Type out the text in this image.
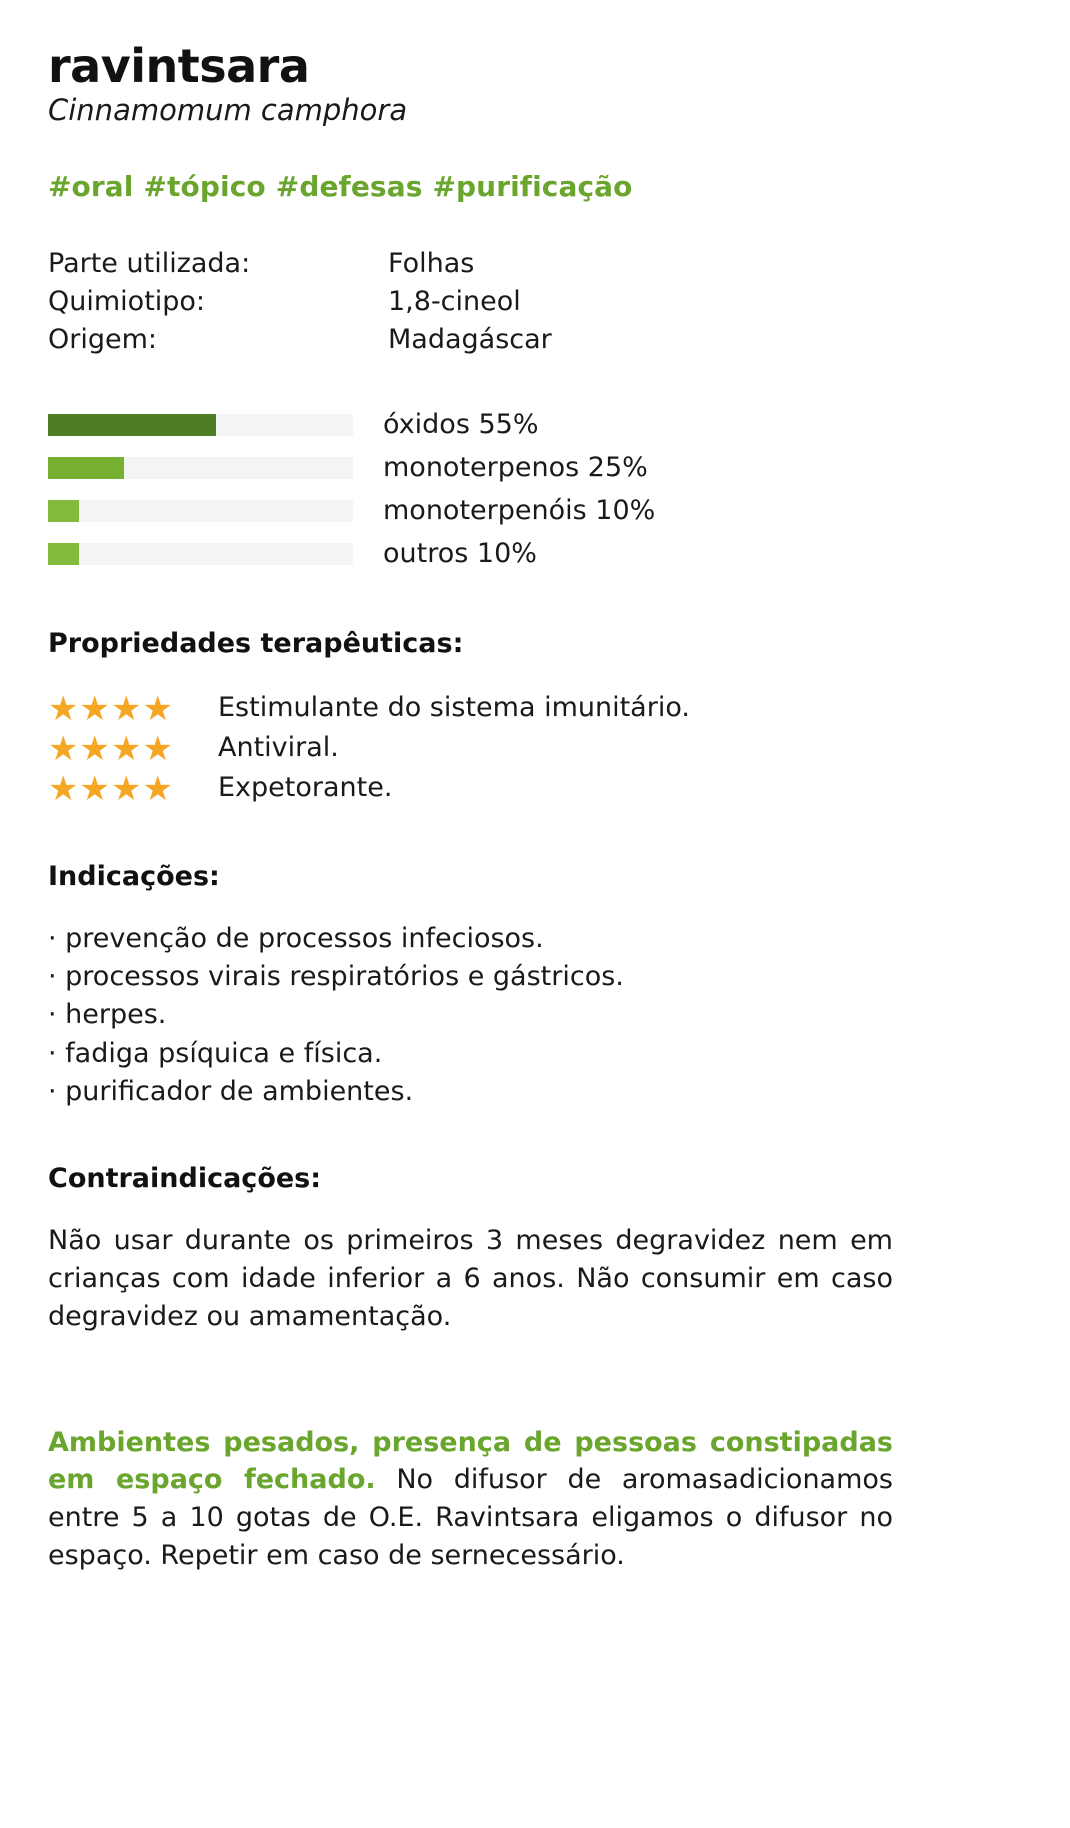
ravintsara
Cinnamomum camphora
#oral #tópico #defesas #purificação
Parte utilizada:	Folhas
Quimiotipo:	1,8-cineol
Origem:	Madagáscar
óxidos 55%
monoterpenos 25%
monoterpenóis 10%
outros 10%
Propriedades terapêuticas:
★★★★	Estimulante do sistema imunitário.
★★★★	Antiviral.
★★★★	Expetorante.
Indicações:
· prevenção de processos infeciosos.
· processos virais respiratórios e gástricos.
· herpes.
· fadiga psíquica e física.
· purificador de ambientes.
Contraindicações:
Não usar durante os primeiros 3 meses degravidez nem em crianças com idade inferior a 6 anos. Não consumir em caso degravidez ou amamentação.
Ambientes pesados, presença de pessoas constipadas em espaço fechado. No difusor de aromasadicionamos entre 5 a 10 gotas de O.E. Ravintsara eligamos o difusor no espaço. Repetir em caso de sernecessário.
